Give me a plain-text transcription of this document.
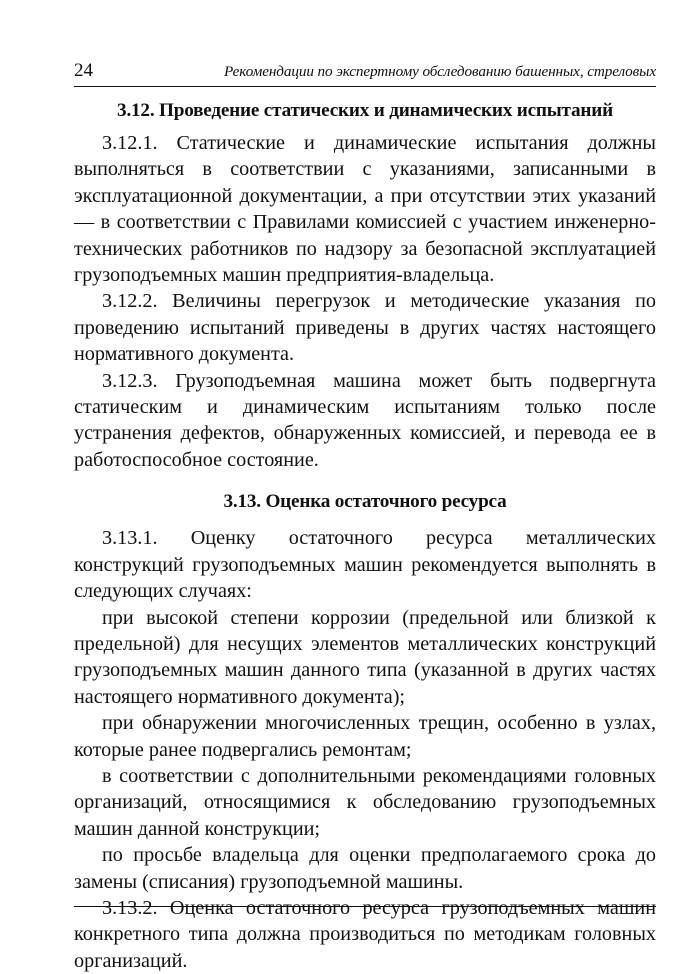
24	Рекомендации по экспертному обследованию башенных, стреловых
3.12. Проведение статических и динамических испытаний

3.12.1. Статические и динамические испытания должны выполняться в соответствии с указаниями, записанными в эксплуатационной документации, а при отсутствии этих указаний — в соответствии с Правилами комиссией с участием инженерно-технических работников по надзору за безопасной эксплуатацией грузоподъемных машин предприятия-владельца.

3.12.2. Величины перегрузок и методические указания по проведению испытаний приведены в других частях настоящего нормативного документа.

3.12.3. Грузоподъемная машина может быть подвергнута статическим и динамическим испытаниям только после устранения дефектов, обнаруженных комиссией, и перевода ее в работоспособное состояние.

3.13. Оценка остаточного ресурса

3.13.1. Оценку остаточного ресурса металлических конструкций грузоподъемных машин рекомендуется выполнять в следующих случаях:

при высокой степени коррозии (предельной или близкой к предельной) для несущих элементов металлических конструкций грузоподъемных машин данного типа (указанной в других частях настоящего нормативного документа);

при обнаружении многочисленных трещин, особенно в узлах, которые ранее подвергались ремонтам;

в соответствии с дополнительными рекомендациями головных организаций, относящимися к обследованию грузоподъемных машин данной конструкции;

по просьбе владельца для оценки предполагаемого срока до замены (списания) грузоподъемной машины.

3.13.2. Оценка остаточного ресурса грузоподъемных машин конкретного типа должна производиться по методикам головных организаций.
